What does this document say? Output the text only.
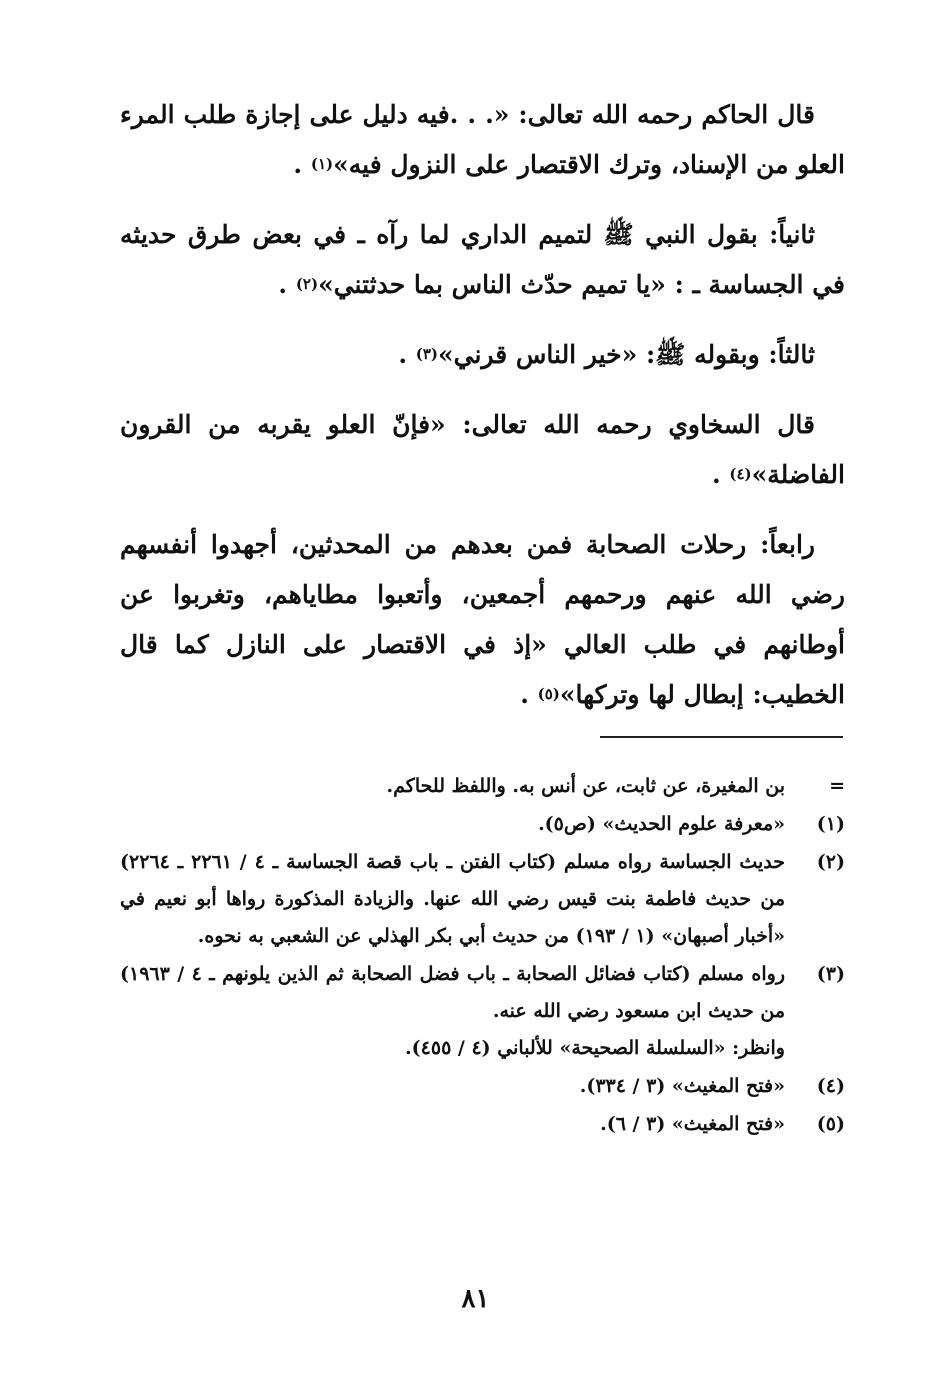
قال الحاكم رحمه الله تعالى: «. . .فيه دليل على إجازة طلب المرء العلو من الإسناد، وترك الاقتصار على النزول فيه»$^{(١)}$ .

ثانياً: بقول النبي ﷺ لتميم الداري لما رآه ـ في بعض طرق حديثه في الجساسة ـ : «يا تميم حدّث الناس بما حدثتني»$^{(٢)}$ .

ثالثاً: وبقوله ﷺ: «خير الناس قرني»$^{(٣)}$ .

قال السخاوي رحمه الله تعالى: «فإنّ العلو يقربه من القرون الفاضلة»$^{(٤)}$ .

رابعاً: رحلات الصحابة فمن بعدهم من المحدثين، أجهدوا أنفسهم رضي الله عنهم ورحمهم أجمعين، وأتعبوا مطاياهم، وتغربوا عن أوطانهم في طلب العالي «إذ في الاقتصار على النازل كما قال الخطيب: إبطال لها وتركها»$^{(٥)}$ .

=
بن المغيرة، عن ثابت، عن أنس به. واللفظ للحاكم.
(١)
«معرفة علوم الحديث» (ص٥).
(٢)
حديث الجساسة رواه مسلم (كتاب الفتن ـ باب قصة الجساسة ـ ٤ / ٢٢٦١ ـ ٢٢٦٤) من حديث فاطمة بنت قيس رضي الله عنها. والزيادة المذكورة رواها أبو نعيم في «أخبار أصبهان» (١ / ١٩٣) من حديث أبي بكر الهذلي عن الشعبي به نحوه.
(٣)
رواه مسلم (كتاب فضائل الصحابة ـ باب فضل الصحابة ثم الذين يلونهم ـ ٤ / ١٩٦٣) من حديث ابن مسعود رضي الله عنه.
وانظر: «السلسلة الصحيحة» للألباني (٤ / ٤٥٥).
(٤)
«فتح المغيث» (٣ / ٣٣٤).
(٥)
«فتح المغيث» (٣ / ٦).
٨١
